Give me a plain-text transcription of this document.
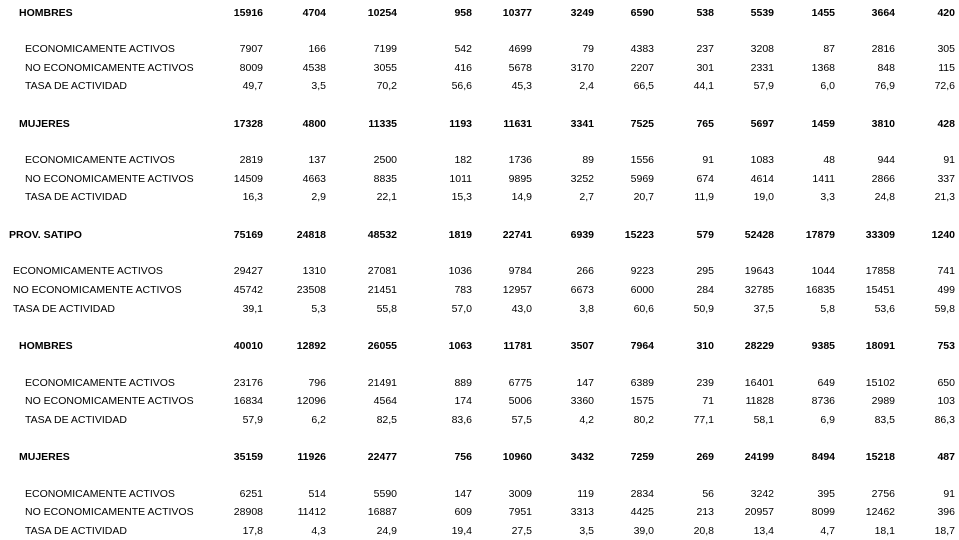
HOMBRES	15916	4704	10254	958	10377	3249	6590	538	5539	1455	3664	420
ECONOMICAMENTE ACTIVOS	7907	166	7199	542	4699	79	4383	237	3208	87	2816	305
NO ECONOMICAMENTE ACTIVOS	8009	4538	3055	416	5678	3170	2207	301	2331	1368	848	115
TASA DE ACTIVIDAD	49,7	3,5	70,2	56,6	45,3	2,4	66,5	44,1	57,9	6,0	76,9	72,6
MUJERES	17328	4800	11335	1193	11631	3341	7525	765	5697	1459	3810	428
ECONOMICAMENTE ACTIVOS	2819	137	2500	182	1736	89	1556	91	1083	48	944	91
NO ECONOMICAMENTE ACTIVOS	14509	4663	8835	1011	9895	3252	5969	674	4614	1411	2866	337
TASA DE ACTIVIDAD	16,3	2,9	22,1	15,3	14,9	2,7	20,7	11,9	19,0	3,3	24,8	21,3
PROV. SATIPO	75169	24818	48532	1819	22741	6939	15223	579	52428	17879	33309	1240
ECONOMICAMENTE ACTIVOS	29427	1310	27081	1036	9784	266	9223	295	19643	1044	17858	741
NO ECONOMICAMENTE ACTIVOS	45742	23508	21451	783	12957	6673	6000	284	32785	16835	15451	499
TASA DE ACTIVIDAD	39,1	5,3	55,8	57,0	43,0	3,8	60,6	50,9	37,5	5,8	53,6	59,8
HOMBRES	40010	12892	26055	1063	11781	3507	7964	310	28229	9385	18091	753
ECONOMICAMENTE ACTIVOS	23176	796	21491	889	6775	147	6389	239	16401	649	15102	650
NO ECONOMICAMENTE ACTIVOS	16834	12096	4564	174	5006	3360	1575	71	11828	8736	2989	103
TASA DE ACTIVIDAD	57,9	6,2	82,5	83,6	57,5	4,2	80,2	77,1	58,1	6,9	83,5	86,3
MUJERES	35159	11926	22477	756	10960	3432	7259	269	24199	8494	15218	487
ECONOMICAMENTE ACTIVOS	6251	514	5590	147	3009	119	2834	56	3242	395	2756	91
NO ECONOMICAMENTE ACTIVOS	28908	11412	16887	609	7951	3313	4425	213	20957	8099	12462	396
TASA DE ACTIVIDAD	17,8	4,3	24,9	19,4	27,5	3,5	39,0	20,8	13,4	4,7	18,1	18,7
